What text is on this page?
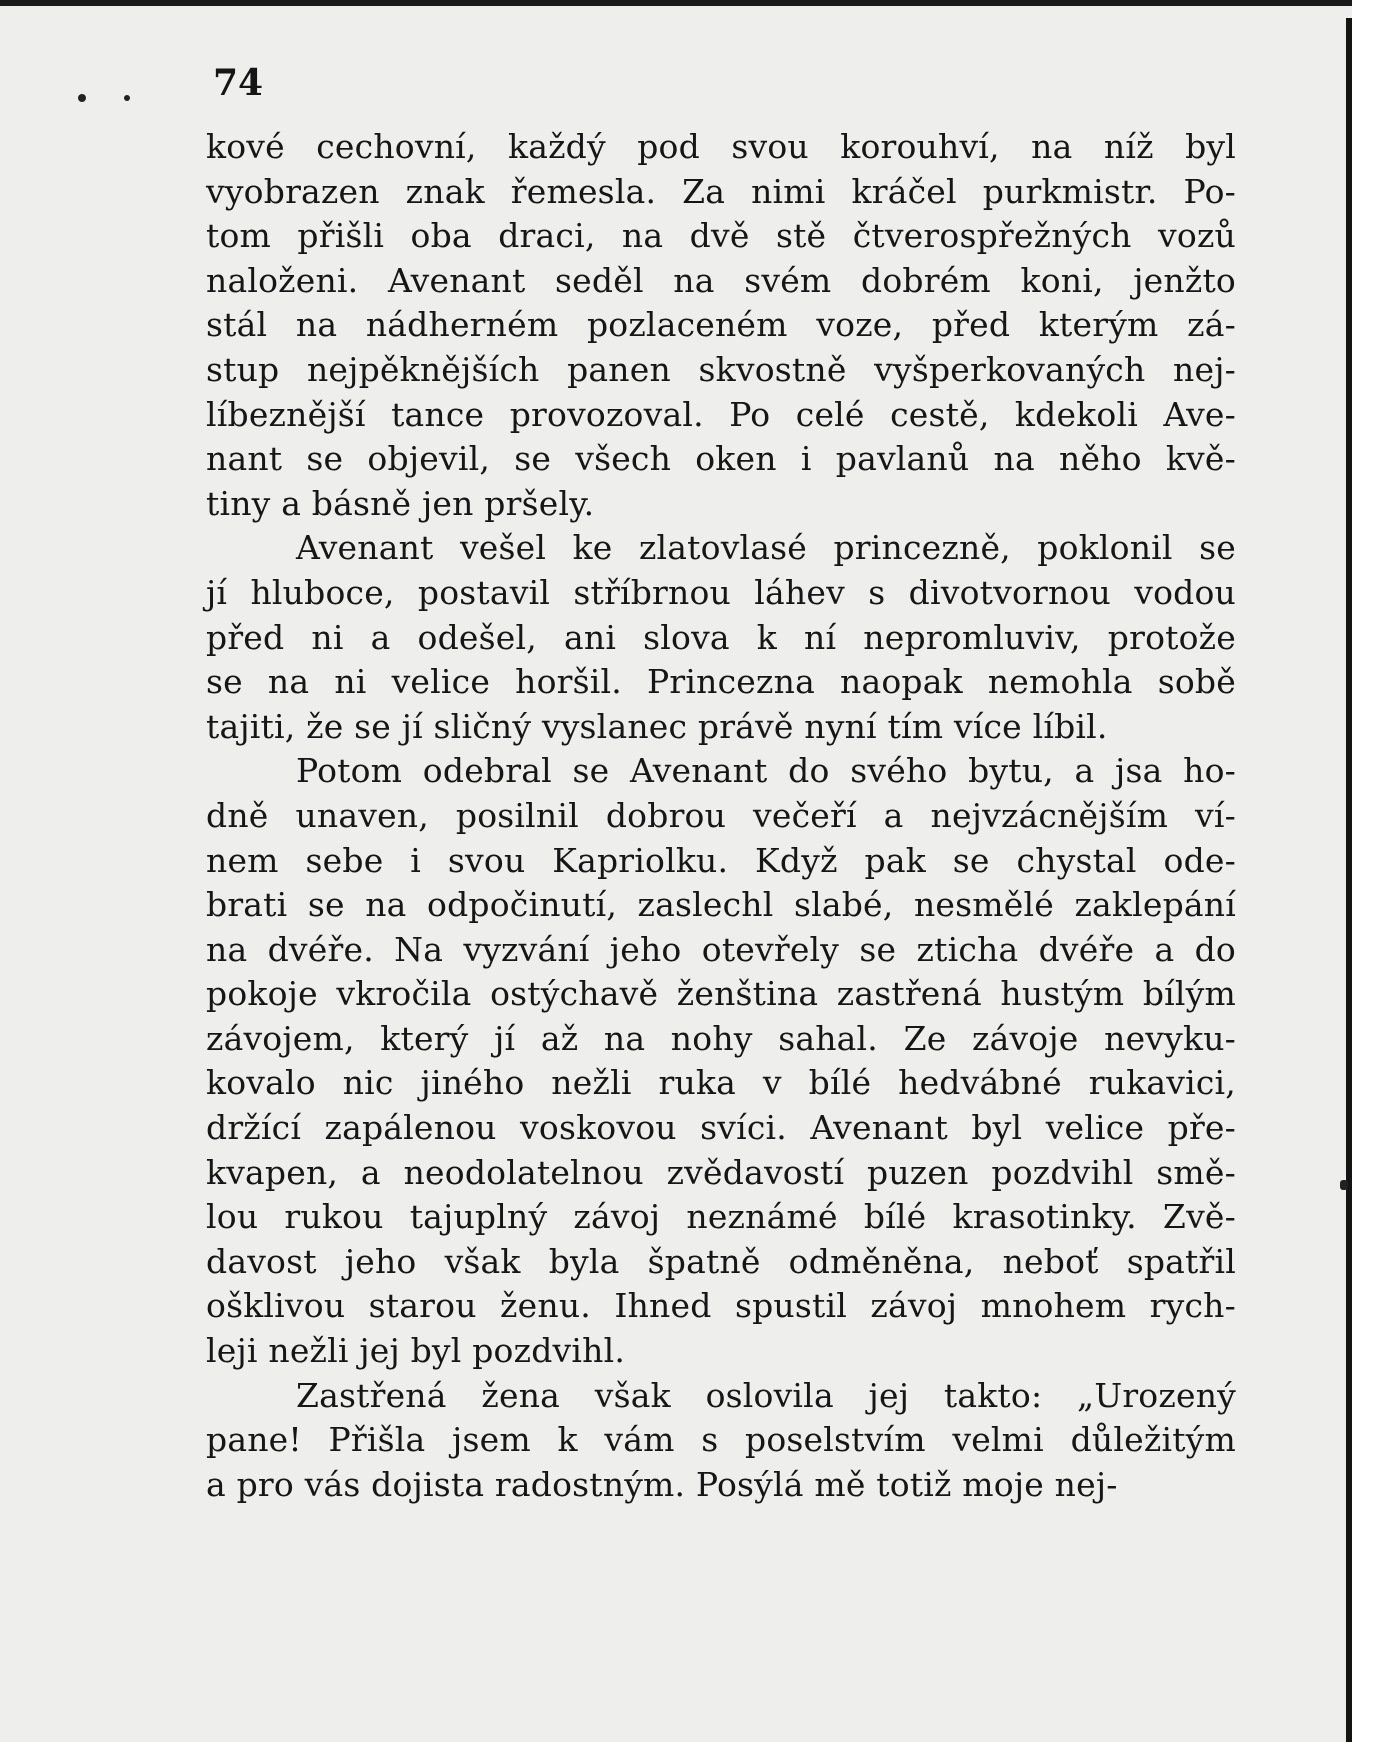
74
kové cechovní, každý pod svou korouhví, na níž byl
vyobrazen znak řemesla. Za nimi kráčel purkmistr. Po-
tom přišli oba draci, na dvě stě čtverospřežných vozů
naloženi. Avenant seděl na svém dobrém koni, jenžto
stál na nádherném pozlaceném voze, před kterým zá-
stup nejpěknějších panen skvostně vyšperkovaných nej-
líbeznější tance provozoval. Po celé cestě, kdekoli Ave-
nant se objevil, se všech oken i pavlanů na něho kvě-
tiny a básně jen pršely.
Avenant vešel ke zlatovlasé princezně, poklonil se
jí hluboce, postavil stříbrnou láhev s divotvornou vodou
před ni a odešel, ani slova k ní nepromluviv, protože
se na ni velice horšil. Princezna naopak nemohla sobě
tajiti, že se jí sličný vyslanec právě nyní tím více líbil.
Potom odebral se Avenant do svého bytu, a jsa ho-
dně unaven, posilnil dobrou večeří a nejvzácnějším ví-
nem sebe i svou Kapriolku. Když pak se chystal ode-
brati se na odpočinutí, zaslechl slabé, nesmělé zaklepání
na dvéře. Na vyzvání jeho otevřely se zticha dvéře a do
pokoje vkročila ostýchavě ženština zastřená hustým bílým
závojem, který jí až na nohy sahal. Ze závoje nevyku-
kovalo nic jiného nežli ruka v bílé hedvábné rukavici,
držící zapálenou voskovou svíci. Avenant byl velice pře-
kvapen, a neodolatelnou zvědavostí puzen pozdvihl smě-
lou rukou tajuplný závoj neznámé bílé krasotinky. Zvě-
davost jeho však byla špatně odměněna, neboť spatřil
ošklivou starou ženu. Ihned spustil závoj mnohem rych-
leji nežli jej byl pozdvihl.
Zastřená žena však oslovila jej takto: „Urozený
pane! Přišla jsem k vám s poselstvím velmi důležitým
a pro vás dojista radostným. Posýlá mě totiž moje nej-
